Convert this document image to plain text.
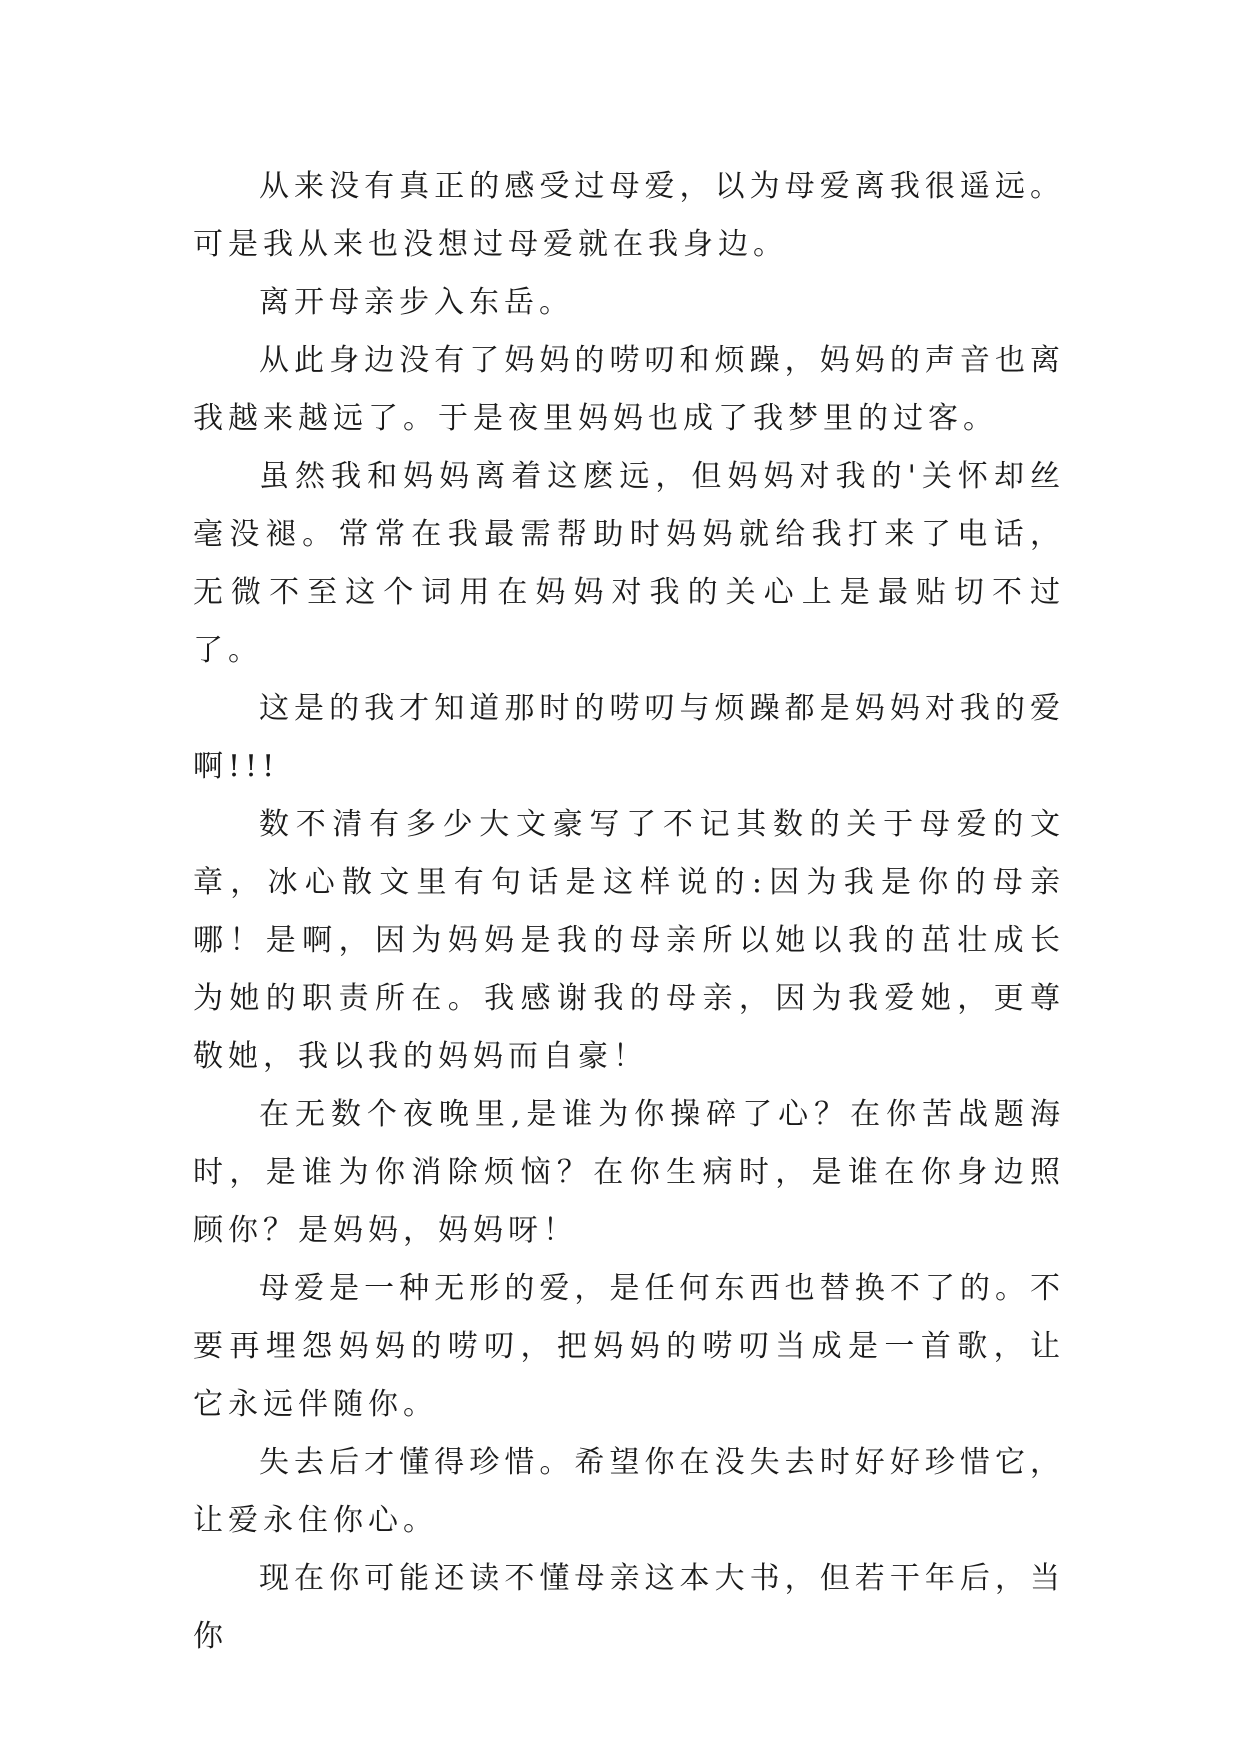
从来没有真正的感受过母爱，以为母爱离我很遥远。可是我从来也没想过母爱就在我身边。

离开母亲步入东岳。

从此身边没有了妈妈的唠叨和烦躁，妈妈的声音也离我越来越远了。于是夜里妈妈也成了我梦里的过客。

虽然我和妈妈离着这麽远，但妈妈对我的'关怀却丝毫没褪。常常在我最需帮助时妈妈就给我打来了电话，无微不至这个词用在妈妈对我的关心上是最贴切不过了。

这是的我才知道那时的唠叨与烦躁都是妈妈对我的爱啊!!!

数不清有多少大文豪写了不记其数的关于母爱的文章，冰心散文里有句话是这样说的:因为我是你的母亲哪！是啊，因为妈妈是我的母亲所以她以我的茁壮成长为她的职责所在。我感谢我的母亲，因为我爱她，更尊敬她，我以我的妈妈而自豪！

在无数个夜晚里,是谁为你操碎了心？在你苦战题海时，是谁为你消除烦恼？在你生病时，是谁在你身边照顾你？是妈妈，妈妈呀！

母爱是一种无形的爱，是任何东西也替换不了的。不要再埋怨妈妈的唠叨，把妈妈的唠叨当成是一首歌，让它永远伴随你。

失去后才懂得珍惜。希望你在没失去时好好珍惜它，让爱永住你心。

现在你可能还读不懂母亲这本大书，但若干年后，当你
